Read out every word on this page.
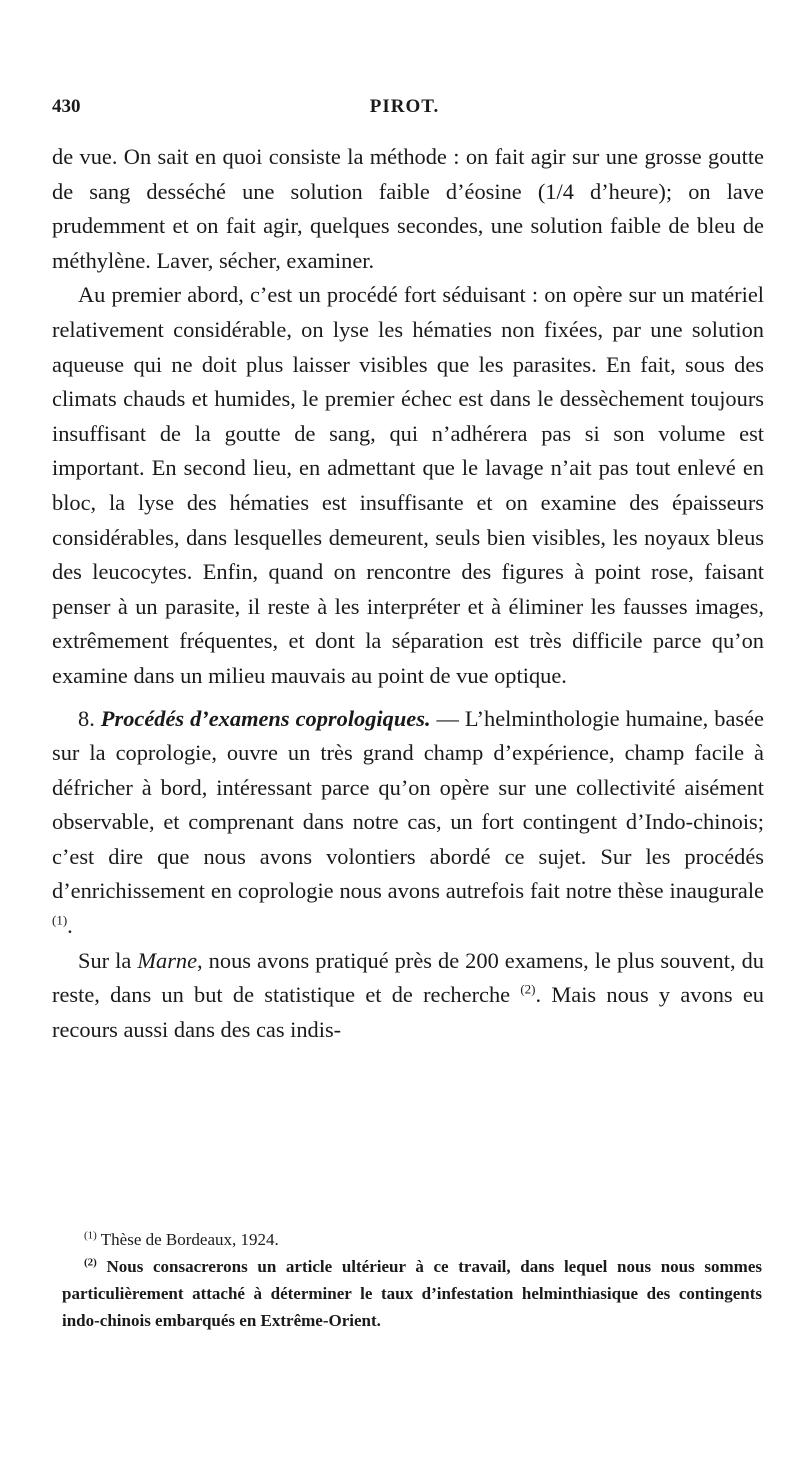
430	PIROT.

de vue. On sait en quoi consiste la méthode : on fait agir sur une grosse goutte de sang desséché une solution faible d’éosine (1/4 d’heure); on lave prudemment et on fait agir, quelques secondes, une solution faible de bleu de méthylène. Laver, sécher, examiner.

Au premier abord, c’est un procédé fort séduisant : on opère sur un matériel relativement considérable, on lyse les hématies non fixées, par une solution aqueuse qui ne doit plus laisser visibles que les parasites. En fait, sous des climats chauds et humides, le premier échec est dans le dessèchement toujours insuffisant de la goutte de sang, qui n’adhérera pas si son volume est important. En second lieu, en admettant que le lavage n’ait pas tout enlevé en bloc, la lyse des hématies est insuffisante et on examine des épaisseurs considérables, dans lesquelles demeurent, seuls bien visibles, les noyaux bleus des leucocytes. Enfin, quand on rencontre des figures à point rose, faisant penser à un parasite, il reste à les interpréter et à éliminer les fausses images, extrêmement fréquentes, et dont la séparation est très difficile parce qu’on examine dans un milieu mauvais au point de vue optique.

8. Procédés d’examens coprologiques. — L’helminthologie humaine, basée sur la coprologie, ouvre un très grand champ d’expérience, champ facile à défricher à bord, intéressant parce qu’on opère sur une collectivité aisément observable, et comprenant dans notre cas, un fort contingent d’Indo-chinois; c’est dire que nous avons volontiers abordé ce sujet. Sur les procédés d’enrichissement en coprologie nous avons autrefois fait notre thèse inaugurale $^{(1)}$.

Sur la Marne, nous avons pratiqué près de 200 examens, le plus souvent, du reste, dans un but de statistique et de recherche $^{(2)}$. Mais nous y avons eu recours aussi dans des cas indis-

$^{(1)}$ Thèse de Bordeaux, 1924.

$^{(2)}$ Nous consacrerons un article ultérieur à ce travail, dans lequel nous nous sommes particulièrement attaché à déterminer le taux d’infestation helminthiasique des contingents indo-chinois embarqués en Extrême-Orient.
